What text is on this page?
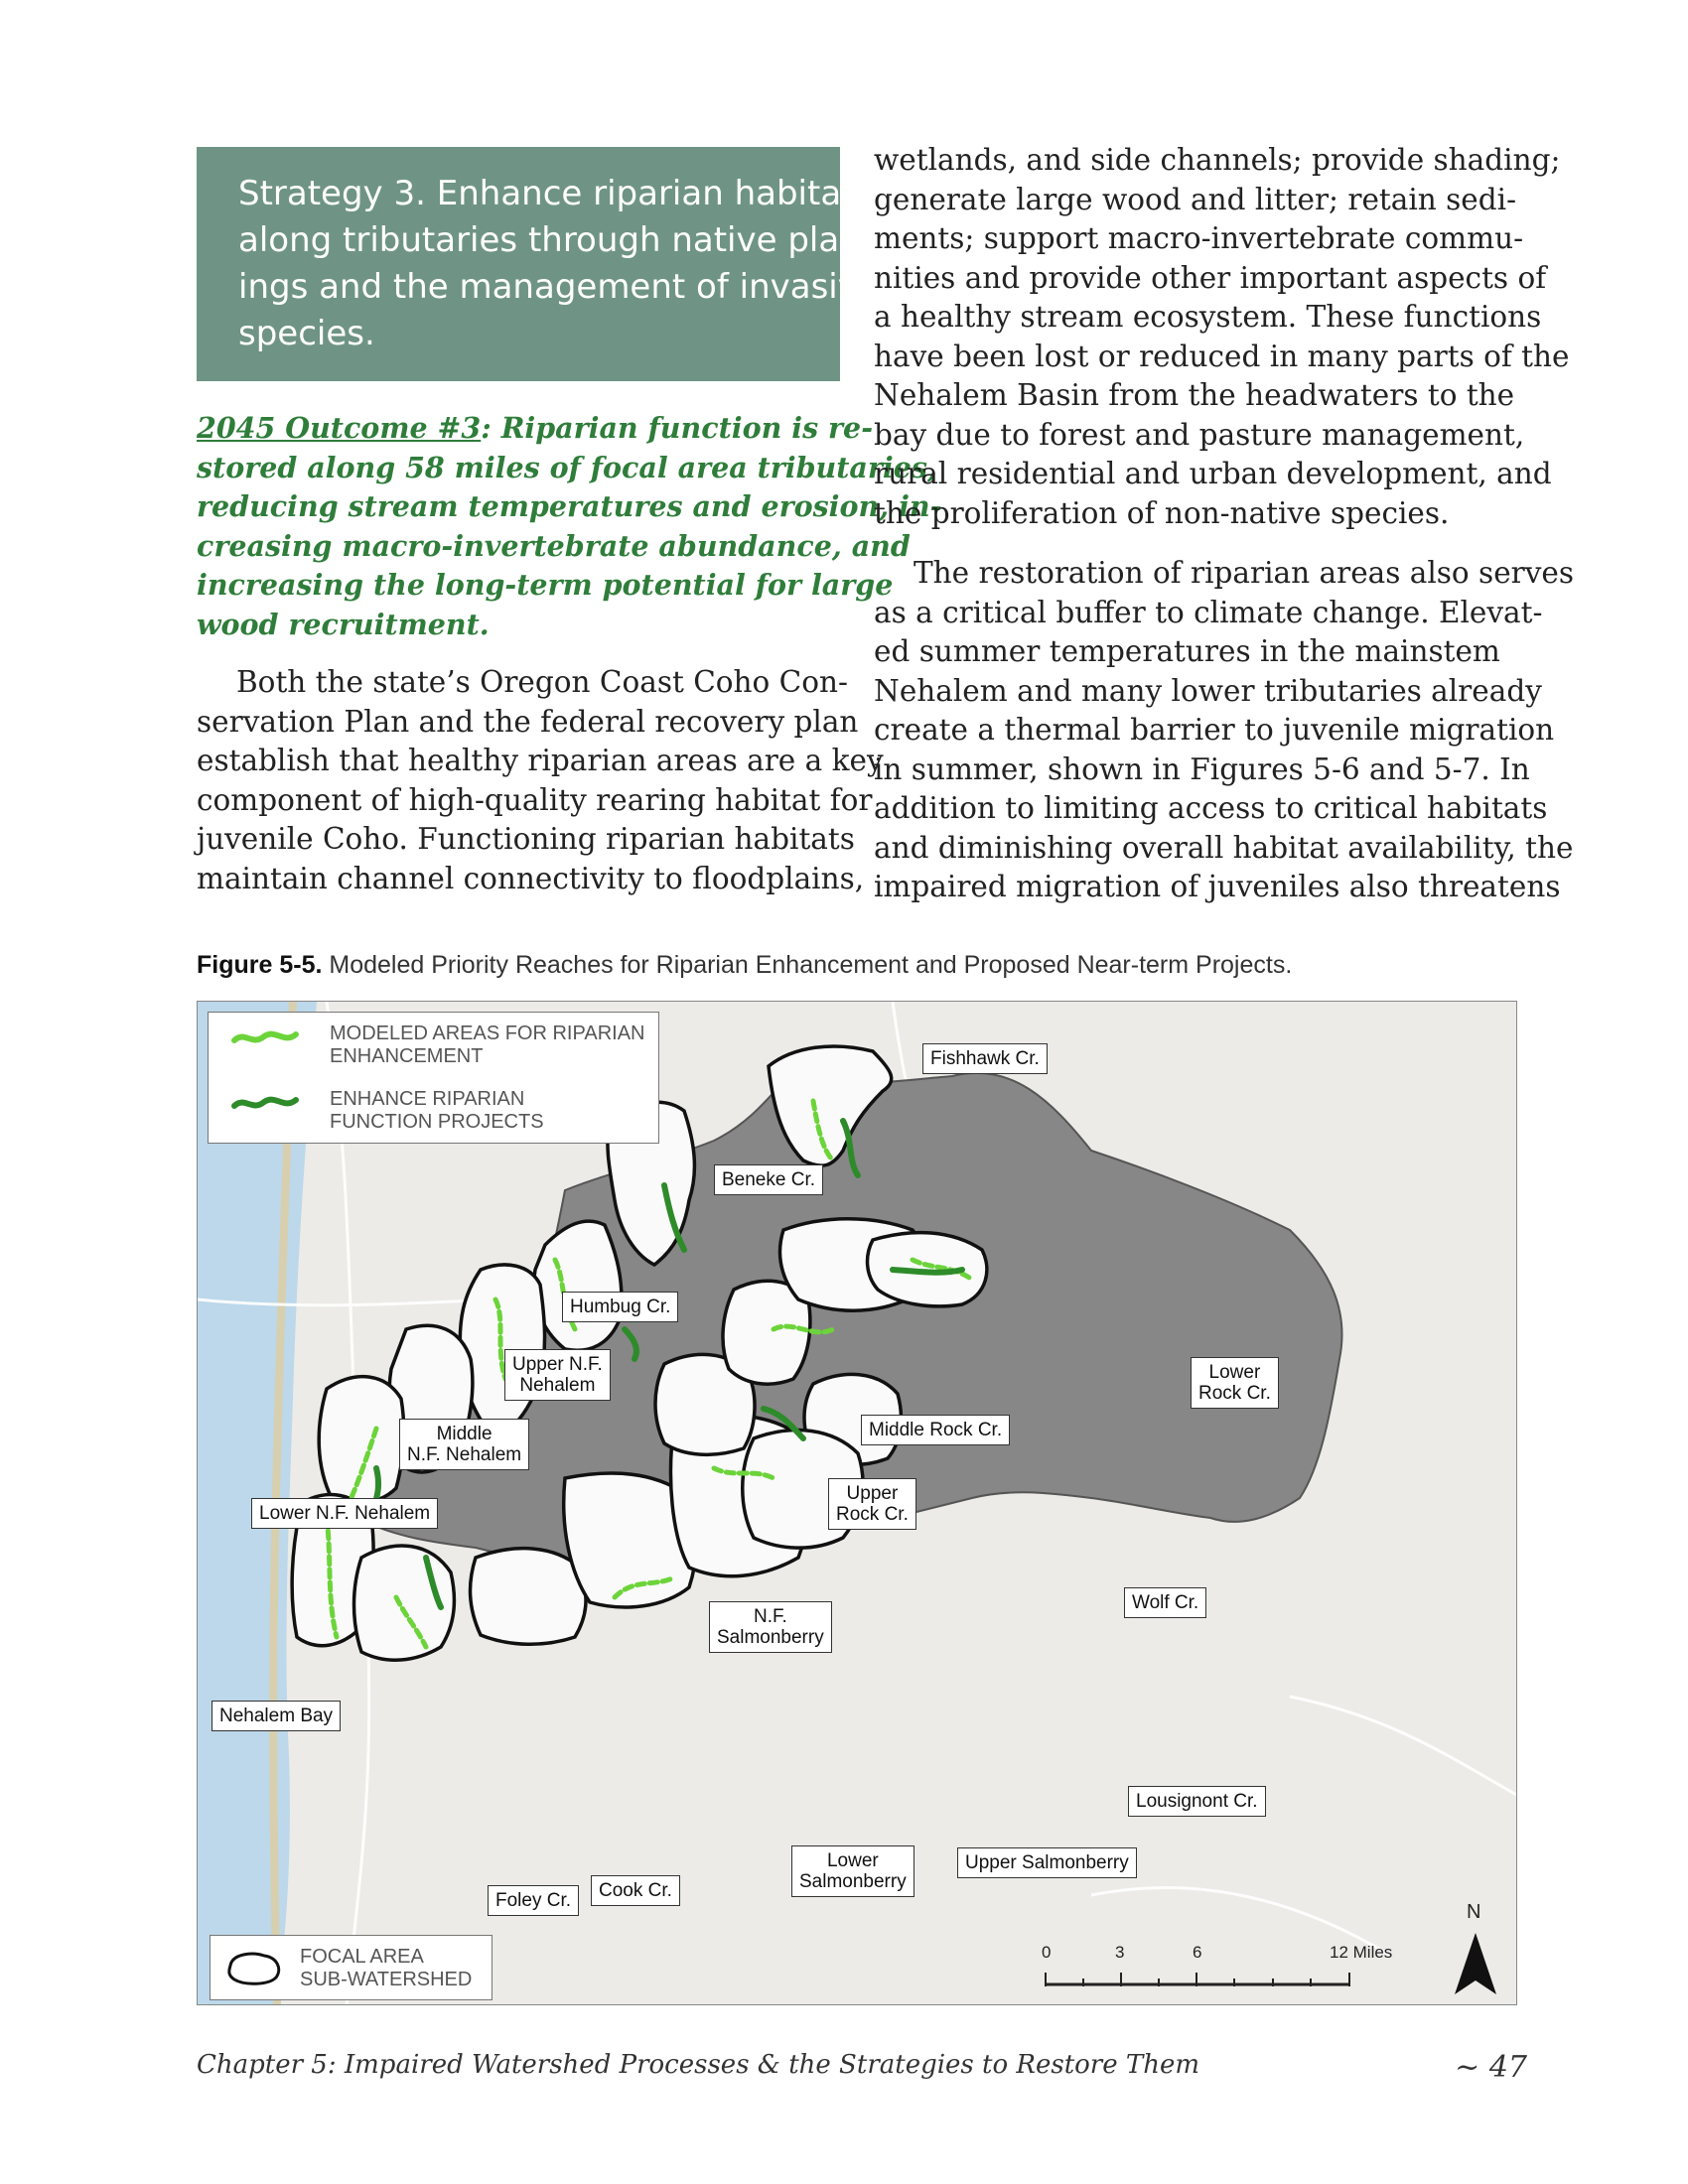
Strategy 3. Enhance riparian habitats
along tributaries through native plant-
ings and the management of invasive
species.
2045 Outcome #3: Riparian function is re-
stored along 58 miles of focal area tributaries,
reducing stream temperatures and erosion, in-
creasing macro-invertebrate abundance, and
increasing the long-term potential for large
wood recruitment.
Both the state’s Oregon Coast Coho Con-
servation Plan and the federal recovery plan
establish that healthy riparian areas are a key
component of high-quality rearing habitat for
juvenile Coho. Functioning riparian habitats
maintain channel connectivity to floodplains,
wetlands, and side channels; provide shading;
generate large wood and litter; retain sedi-
ments; support macro-invertebrate commu-
nities and provide other important aspects of
a healthy stream ecosystem. These functions
have been lost or reduced in many parts of the
Nehalem Basin from the headwaters to the
bay due to forest and pasture management,
rural residential and urban development, and
the proliferation of non-native species.
The restoration of riparian areas also serves
as a critical buffer to climate change. Elevat-
ed summer temperatures in the mainstem
Nehalem and many lower tributaries already
create a thermal barrier to juvenile migration
in summer, shown in Figures 5-6 and 5-7. In
addition to limiting access to critical habitats
and diminishing overall habitat availability, the
impaired migration of juveniles also threatens
Figure 5-5. Modeled Priority Reaches for Riparian Enhancement and Proposed Near-term Projects.
MODELED AREAS FOR RIPARIAN
ENHANCEMENT
ENHANCE RIPARIAN
FUNCTION PROJECTS
FOCAL AREA
SUB-WATERSHED
Fishhawk Cr.
Beneke Cr.
Humbug Cr.
Upper N.F.
Nehalem
Middle
N.F. Nehalem
Lower N.F. Nehalem
Lower
Rock Cr.
Middle Rock Cr.
Upper
Rock Cr.
Wolf Cr.
N.F.
Salmonberry
Nehalem Bay
Lousignont Cr.
Upper Salmonberry
Lower
Salmonberry
Cook Cr.
Foley Cr.
0	3	6	12 Miles
N
Chapter 5: Impaired Watershed Processes & the Strategies to Restore Them	~ 47
